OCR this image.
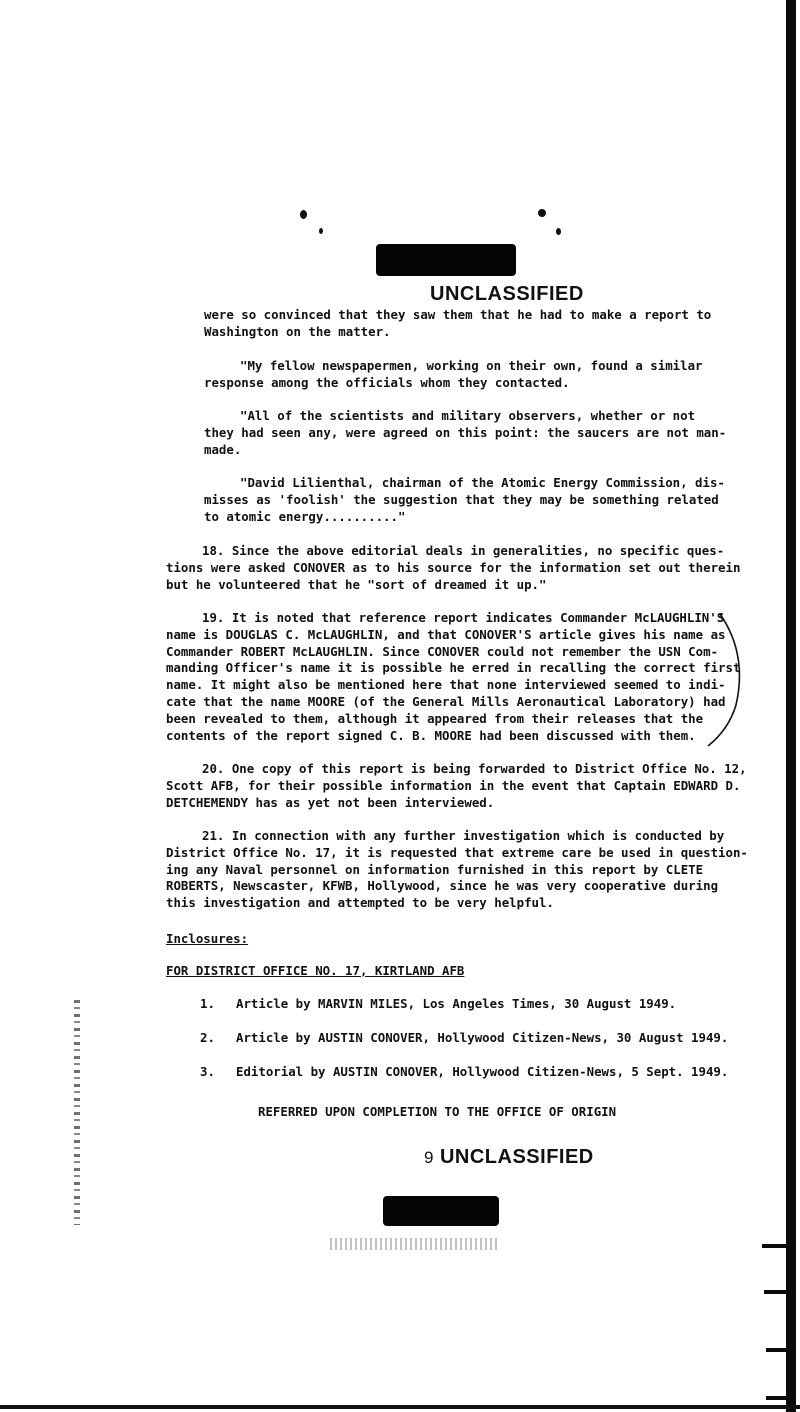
UNCLASSIFIED
were so convinced that they saw them that he had to make a report to
Washington on the matter.
"My fellow newspapermen, working on their own, found a similar
response among the officials whom they contacted.
"All of the scientists and military observers, whether or not
they had seen any, were agreed on this point: the saucers are not man-
made.
"David Lilienthal, chairman of the Atomic Energy Commission, dis-
misses as 'foolish' the suggestion that they may be something related
to atomic energy.........."
18. Since the above editorial deals in generalities, no specific ques-
tions were asked CONOVER as to his source for the information set out therein
but he volunteered that he "sort of dreamed it up."
19. It is noted that reference report indicates Commander McLAUGHLIN'S
name is DOUGLAS C. McLAUGHLIN, and that CONOVER'S article gives his name as
Commander ROBERT McLAUGHLIN. Since CONOVER could not remember the USN Com-
manding Officer's name it is possible he erred in recalling the correct first
name. It might also be mentioned here that none interviewed seemed to indi-
cate that the name MOORE (of the General Mills Aeronautical Laboratory) had
been revealed to them, although it appeared from their releases that the
contents of the report signed C. B. MOORE had been discussed with them.
20. One copy of this report is being forwarded to District Office No. 12,
Scott AFB, for their possible information in the event that Captain EDWARD D.
DETCHEMENDY has as yet not been interviewed.
21. In connection with any further investigation which is conducted by
District Office No. 17, it is requested that extreme care be used in question-
ing any Naval personnel on information furnished in this report by CLETE
ROBERTS, Newscaster, KFWB, Hollywood, since he was very cooperative during
this investigation and attempted to be very helpful.
Inclosures:
FOR DISTRICT OFFICE NO. 17, KIRTLAND AFB
1. Article by MARVIN MILES, Los Angeles Times, 30 August 1949.
2. Article by AUSTIN CONOVER, Hollywood Citizen-News, 30 August 1949.
3. Editorial by AUSTIN CONOVER, Hollywood Citizen-News, 5 Sept. 1949.
REFERRED UPON COMPLETION TO THE OFFICE OF ORIGIN
9 UNCLASSIFIED
